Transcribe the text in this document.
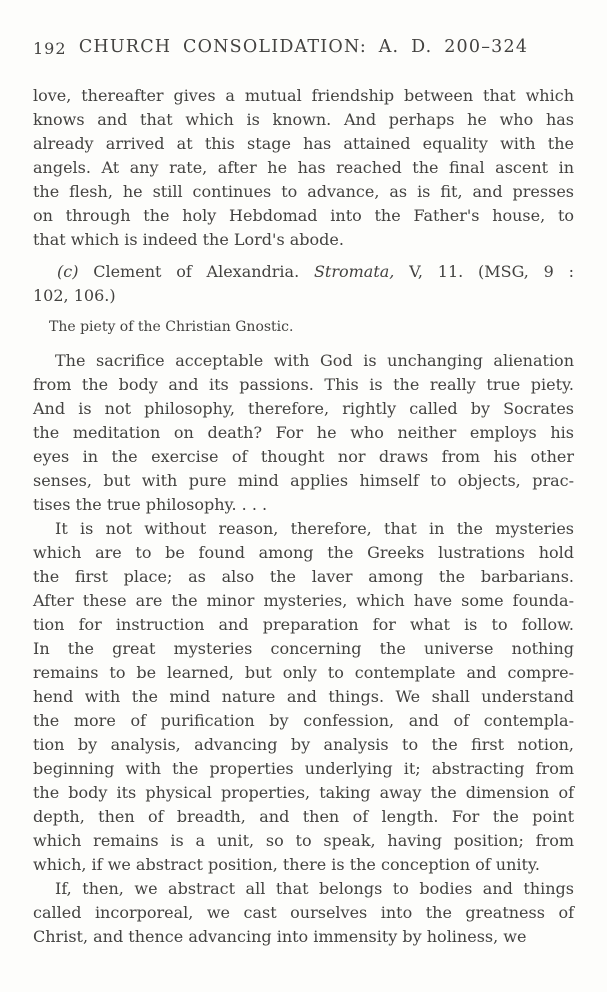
192 CHURCH CONSOLIDATION: A. D. 200–324
love, thereafter gives a mutual friendship between that which
knows and that which is known. And perhaps he who has
already arrived at this stage has attained equality with the
angels. At any rate, after he has reached the final ascent in
the flesh, he still continues to advance, as is fit, and presses
on through the holy Hebdomad into the Father's house, to
that which is indeed the Lord's abode.
(c) Clement of Alexandria. Stromata, V, 11. (MSG, 9 :
102, 106.)
The piety of the Christian Gnostic.
The sacrifice acceptable with God is unchanging alienation
from the body and its passions. This is the really true piety.
And is not philosophy, therefore, rightly called by Socrates
the meditation on death? For he who neither employs his
eyes in the exercise of thought nor draws from his other
senses, but with pure mind applies himself to objects, prac-
tises the true philosophy. . . .
It is not without reason, therefore, that in the mysteries
which are to be found among the Greeks lustrations hold
the first place; as also the laver among the barbarians.
After these are the minor mysteries, which have some founda-
tion for instruction and preparation for what is to follow.
In the great mysteries concerning the universe nothing
remains to be learned, but only to contemplate and compre-
hend with the mind nature and things. We shall understand
the more of purification by confession, and of contempla-
tion by analysis, advancing by analysis to the first notion,
beginning with the properties underlying it; abstracting from
the body its physical properties, taking away the dimension of
depth, then of breadth, and then of length. For the point
which remains is a unit, so to speak, having position; from
which, if we abstract position, there is the conception of unity.
If, then, we abstract all that belongs to bodies and things
called incorporeal, we cast ourselves into the greatness of
Christ, and thence advancing into immensity by holiness, we
